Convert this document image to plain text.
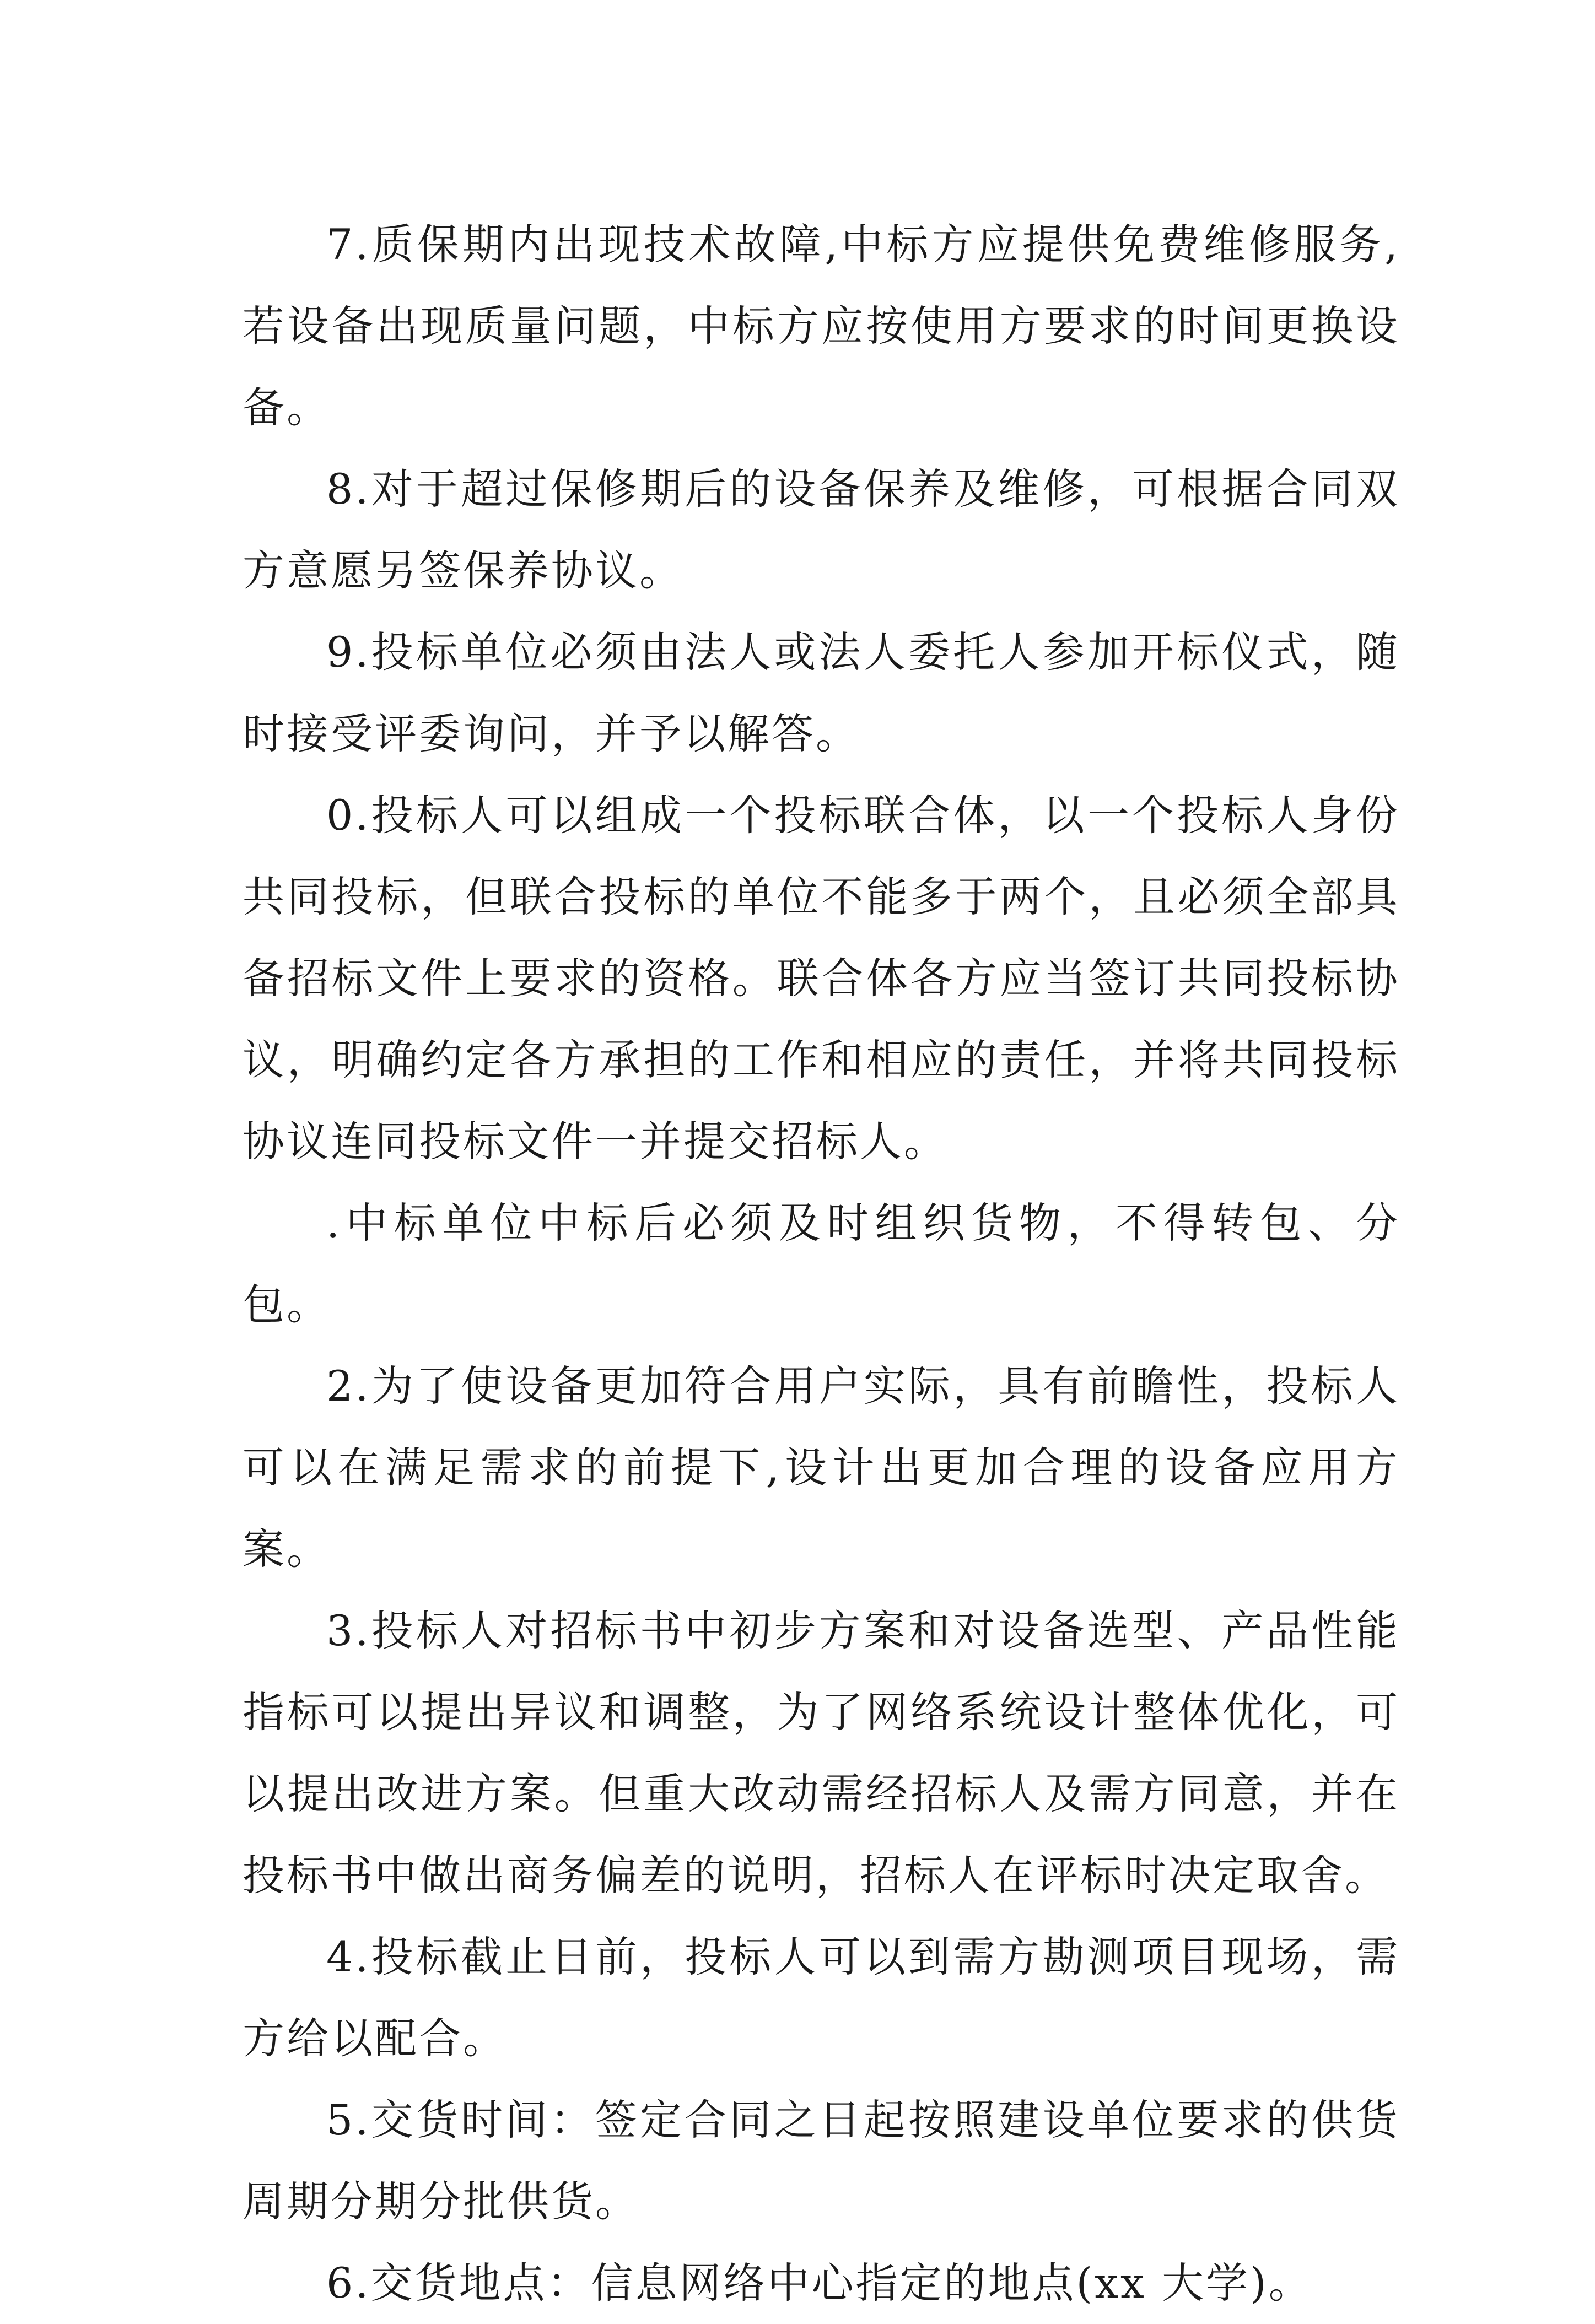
7.质保期内出现技术故障,中标方应提供免费维修服务,若设备出现质量问题，中标方应按使用方要求的时间更换设备。

8.对于超过保修期后的设备保养及维修，可根据合同双方意愿另签保养协议。

9.投标单位必须由法人或法人委托人参加开标仪式，随时接受评委询问，并予以解答。

0.投标人可以组成一个投标联合体，以一个投标人身份共同投标，但联合投标的单位不能多于两个，且必须全部具备招标文件上要求的资格。联合体各方应当签订共同投标协议，明确约定各方承担的工作和相应的责任，并将共同投标协议连同投标文件一并提交招标人。

.中标单位中标后必须及时组织货物，不得转包、分包。

2.为了使设备更加符合用户实际，具有前瞻性，投标人可以在满足需求的前提下,设计出更加合理的设备应用方案。

3.投标人对招标书中初步方案和对设备选型、产品性能指标可以提出异议和调整，为了网络系统设计整体优化，可以提出改进方案。但重大改动需经招标人及需方同意，并在投标书中做出商务偏差的说明，招标人在评标时决定取舍。

4.投标截止日前，投标人可以到需方勘测项目现场，需方给以配合。

5.交货时间：签定合同之日起按照建设单位要求的供货周期分期分批供货。

6.交货地点：信息网络中心指定的地点(xx 大学)。
